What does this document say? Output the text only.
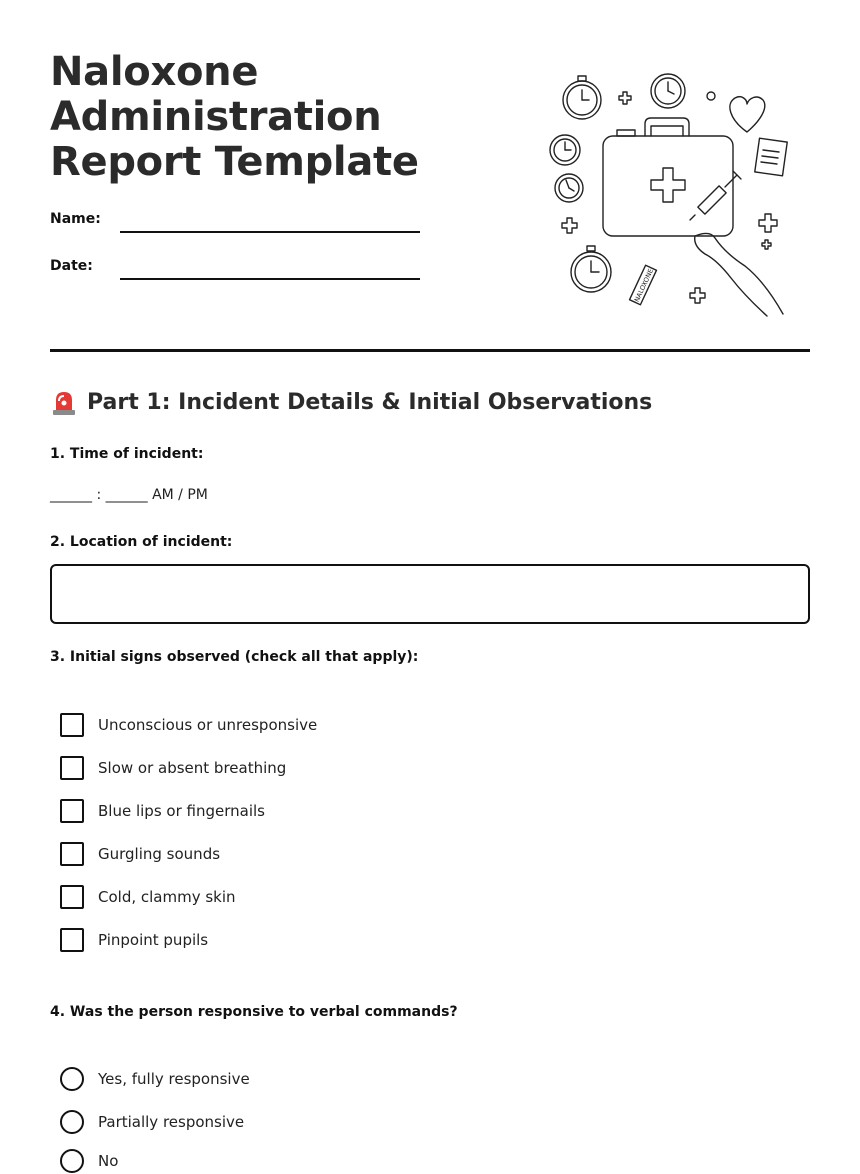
Naloxone Administration Report Template
Name:
Date:
NALOXONE
Part 1: Incident Details & Initial Observations

1. Time of incident:

______ : ______ AM / PM

2. Location of incident:

3. Initial signs observed (check all that apply):

Unconscious or unresponsive
Slow or absent breathing
Blue lips or fingernails
Gurgling sounds
Cold, clammy skin
Pinpoint pupils

4. Was the person responsive to verbal commands?

Yes, fully responsive
Partially responsive
No
